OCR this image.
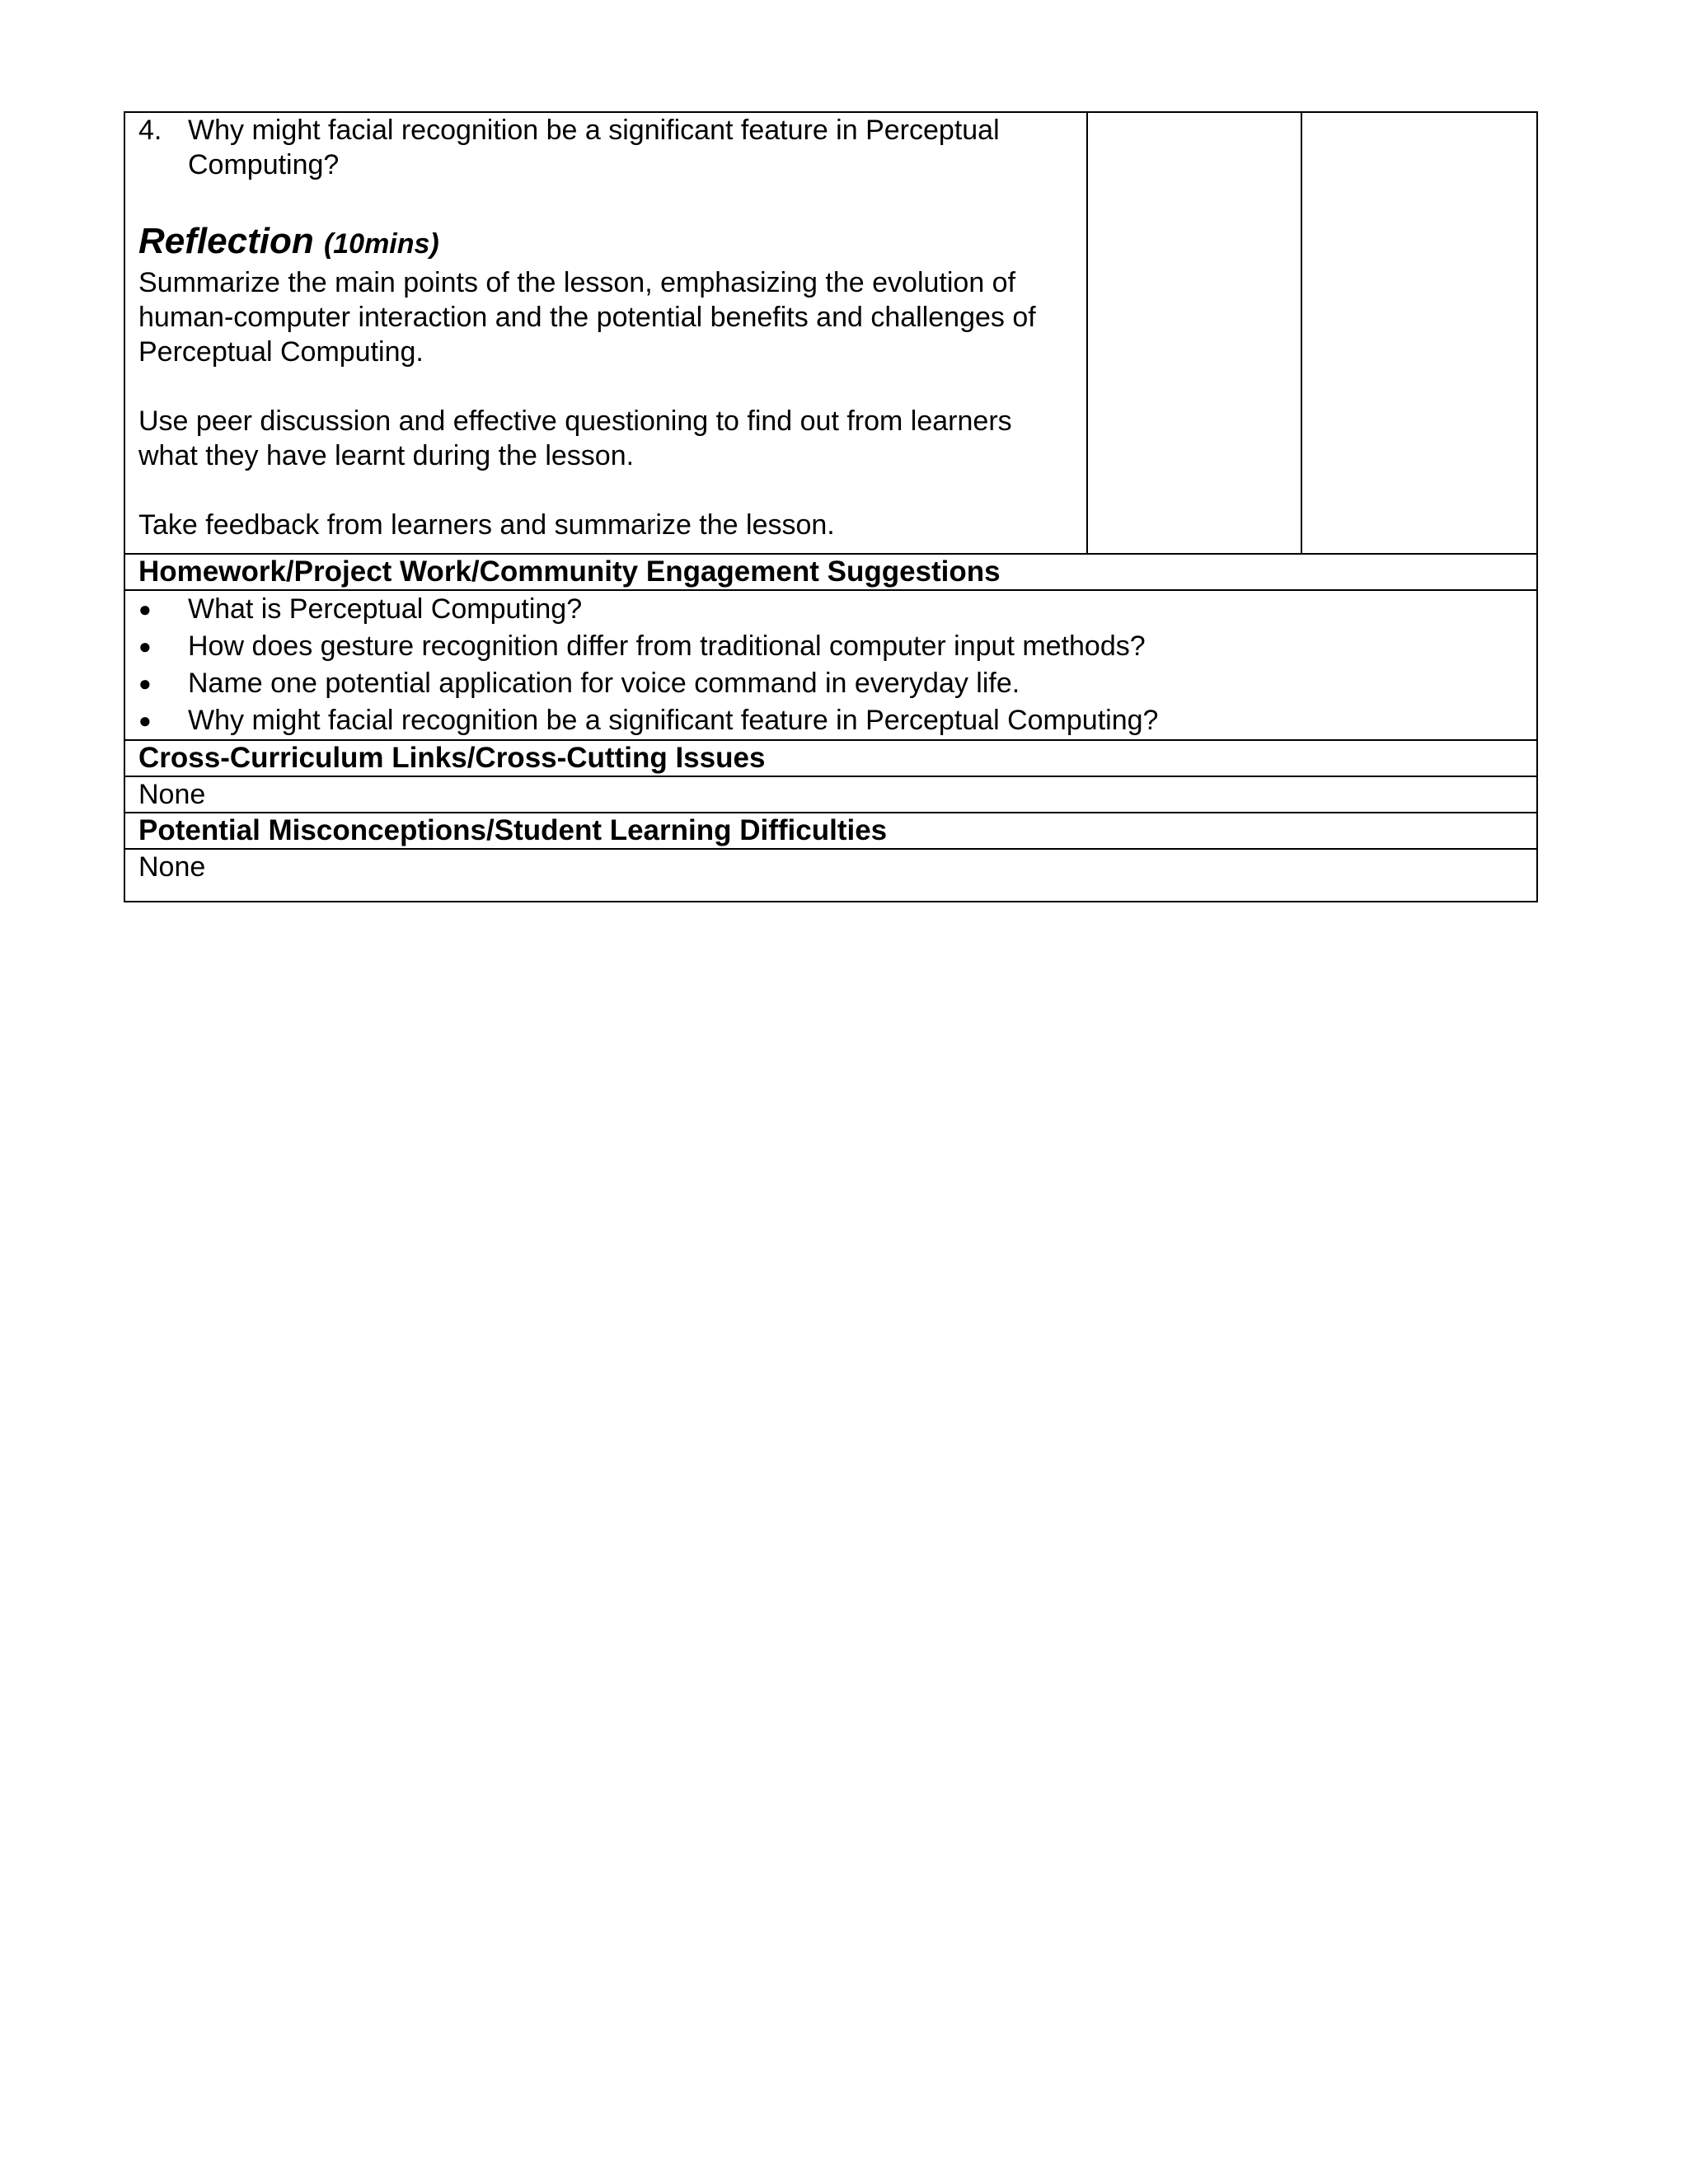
4. Why might facial recognition be a significant feature in Perceptual Computing?
Reflection (10mins)

Summarize the main points of the lesson, emphasizing the evolution of human-computer interaction and the potential benefits and challenges of Perceptual Computing.

Use peer discussion and effective questioning to find out from learners what they have learnt during the lesson.

Take feedback from learners and summarize the lesson.

Homework/Project Work/Community Engagement Suggestions

●	What is Perceptual Computing?
●	How does gesture recognition differ from traditional computer input methods?
●	Name one potential application for voice command in everyday life.
●	Why might facial recognition be a significant feature in Perceptual Computing?

Cross-Curriculum Links/Cross-Cutting Issues
None
Potential Misconceptions/Student Learning Difficulties
None
